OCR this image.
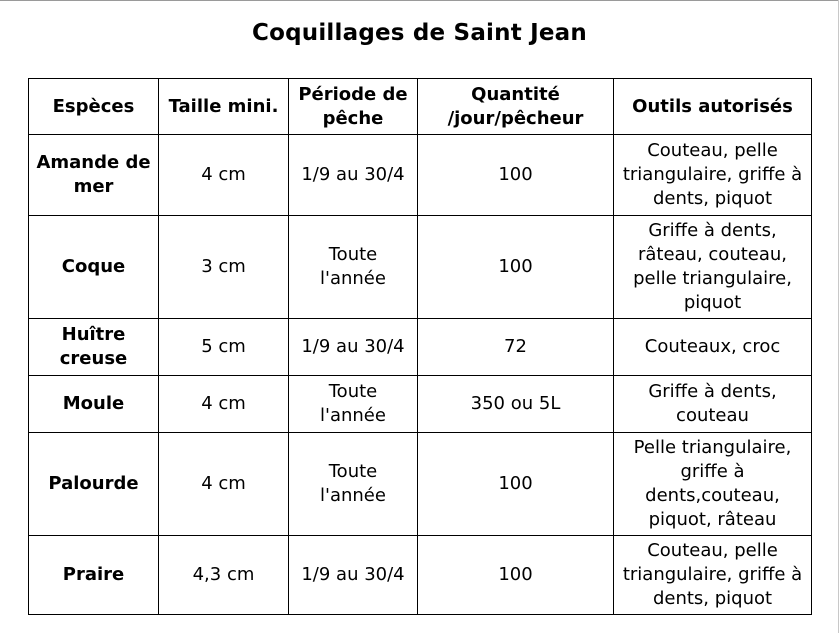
Coquillages de Saint Jean
Espèces	Taille mini.	Période de pêche	Quantité /jour/pêcheur	Outils autorisés
Amande de mer	4 cm	1/9 au 30/4	100	Couteau, pelle triangulaire, griffe à dents, piquot
Coque	3 cm	Toute l'année	100	Griffe à dents, râteau, couteau, pelle triangulaire, piquot
Huître creuse	5 cm	1/9 au 30/4	72	Couteaux, croc
Moule	4 cm	Toute l'année	350 ou 5L	Griffe à dents, couteau
Palourde	4 cm	Toute l'année	100	Pelle triangulaire, griffe à dents,couteau, piquot, râteau
Praire	4,3 cm	1/9 au 30/4	100	Couteau, pelle triangulaire, griffe à dents, piquot
